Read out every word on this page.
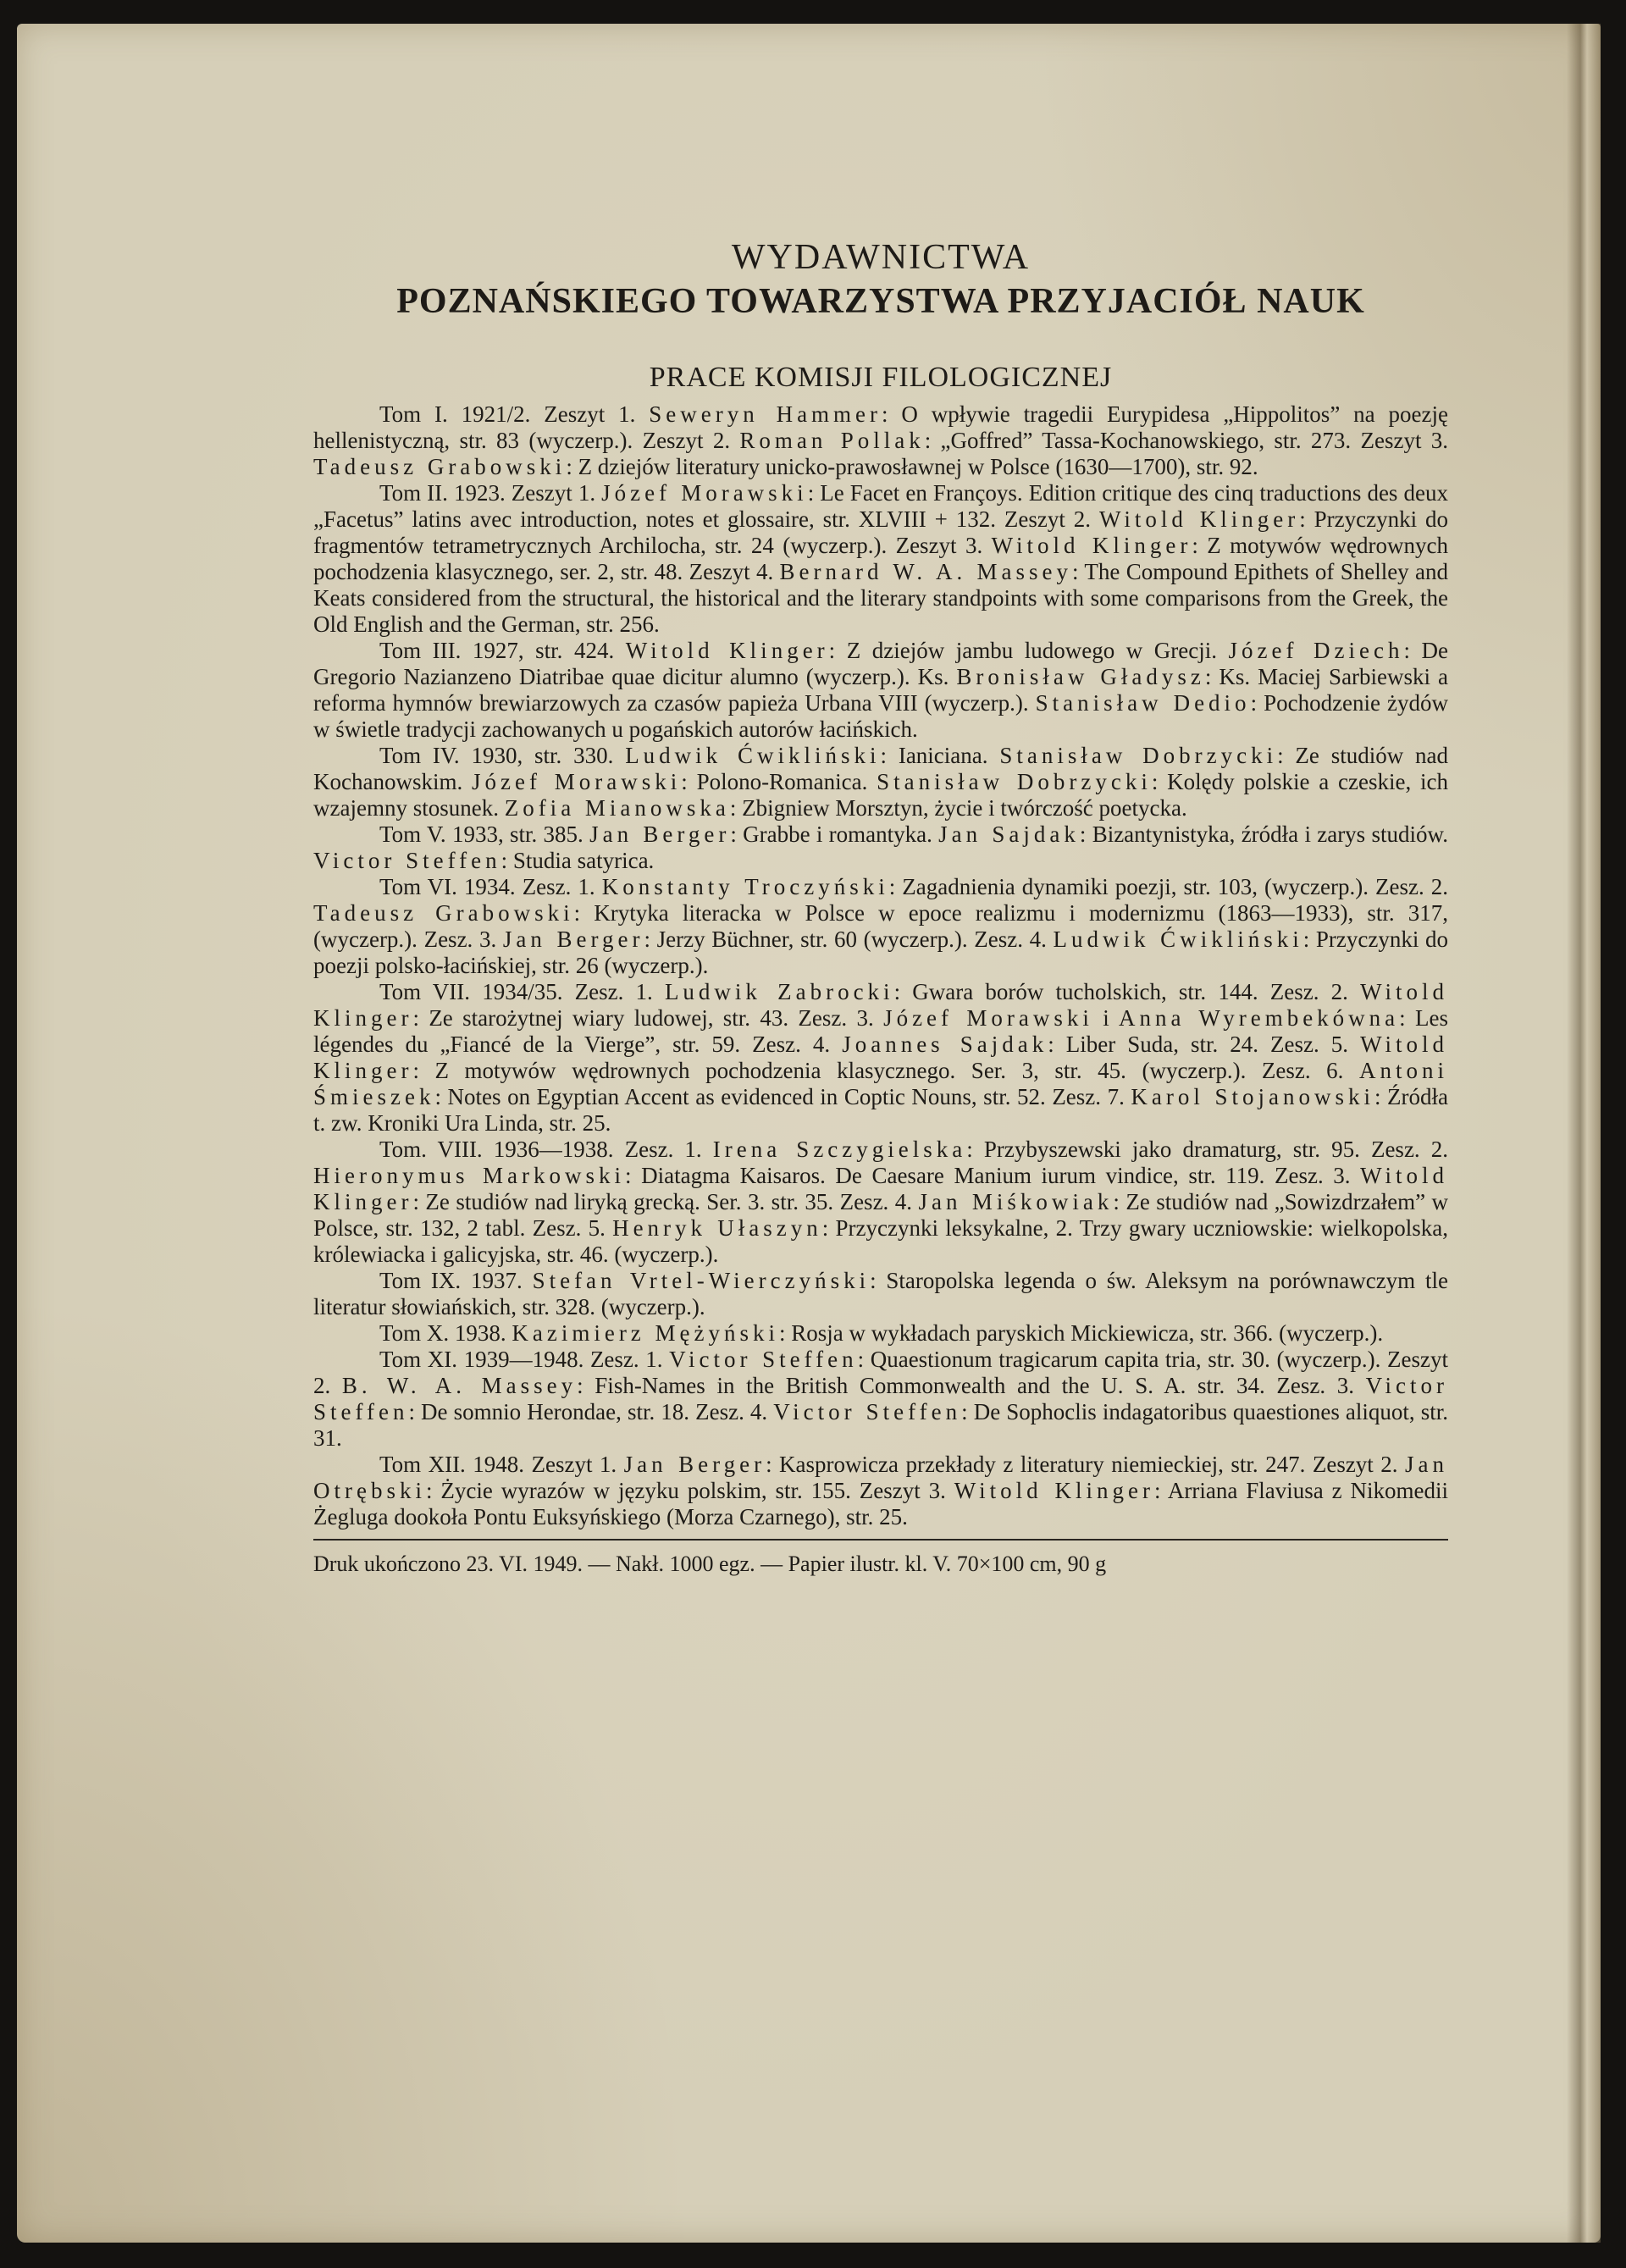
WYDAWNICTWA

POZNAŃSKIEGO TOWARZYSTWA PRZYJACIÓŁ NAUK

PRACE KOMISJI FILOLOGICZNEJ

Tom I. 1921/2. Zeszyt 1. Seweryn Hammer: O wpływie tragedii Eurypidesa „Hippolitos” na poezję hellenistyczną, str. 83 (wyczerp.). Zeszyt 2. Roman Pollak: „Goffred” Tassa-Kochanowskiego, str. 273. Zeszyt 3. Tadeusz Grabowski: Z dziejów literatury unicko-prawosławnej w Polsce (1630—1700), str. 92.

Tom II. 1923. Zeszyt 1. Józef Morawski: Le Facet en Françoys. Edition critique des cinq traductions des deux „Facetus” latins avec introduction, notes et glossaire, str. XLVIII + 132. Zeszyt 2. Witold Klinger: Przyczynki do fragmentów tetrametrycznych Archilocha, str. 24 (wyczerp.). Zeszyt 3. Witold Klinger: Z motywów wędrownych pochodzenia klasycznego, ser. 2, str. 48. Zeszyt 4. Bernard W. A. Massey: The Compound Epithets of Shelley and Keats considered from the structural, the historical and the literary standpoints with some comparisons from the Greek, the Old English and the German, str. 256.

Tom III. 1927, str. 424. Witold Klinger: Z dziejów jambu ludowego w Grecji. Józef Dziech: De Gregorio Nazianzeno Diatribae quae dicitur alumno (wyczerp.). Ks. Bronisław Gładysz: Ks. Maciej Sarbiewski a reforma hymnów brewiarzowych za czasów papieża Urbana VIII (wyczerp.). Stanisław Dedio: Pochodzenie żydów w świetle tradycji zachowanych u pogańskich autorów łacińskich.

Tom IV. 1930, str. 330. Ludwik Ćwikliński: Ianiciana. Stanisław Dobrzycki: Ze studiów nad Kochanowskim. Józef Morawski: Polono-Romanica. Stanisław Dobrzycki: Kolędy polskie a czeskie, ich wzajemny stosunek. Zofia Mianowska: Zbigniew Morsztyn, życie i twórczość poetycka.

Tom V. 1933, str. 385. Jan Berger: Grabbe i romantyka. Jan Sajdak: Bizantynistyka, źródła i zarys studiów. Victor Steffen: Studia satyrica.

Tom VI. 1934. Zesz. 1. Konstanty Troczyński: Zagadnienia dynamiki poezji, str. 103, (wyczerp.). Zesz. 2. Tadeusz Grabowski: Krytyka literacka w Polsce w epoce realizmu i modernizmu (1863—1933), str. 317, (wyczerp.). Zesz. 3. Jan Berger: Jerzy Büchner, str. 60 (wyczerp.). Zesz. 4. Ludwik Ćwikliński: Przyczynki do poezji polsko-łacińskiej, str. 26 (wyczerp.).

Tom VII. 1934/35. Zesz. 1. Ludwik Zabrocki: Gwara borów tucholskich, str. 144. Zesz. 2. Witold Klinger: Ze starożytnej wiary ludowej, str. 43. Zesz. 3. Józef Morawski i Anna Wyrembekówna: Les légendes du „Fiancé de la Vierge”, str. 59. Zesz. 4. Joannes Sajdak: Liber Suda, str. 24. Zesz. 5. Witold Klinger: Z motywów wędrownych pochodzenia klasycznego. Ser. 3, str. 45. (wyczerp.). Zesz. 6. Antoni Śmieszek: Notes on Egyptian Accent as evidenced in Coptic Nouns, str. 52. Zesz. 7. Karol Stojanowski: Źródła t. zw. Kroniki Ura Linda, str. 25.

Tom. VIII. 1936—1938. Zesz. 1. Irena Szczygielska: Przybyszewski jako dramaturg, str. 95. Zesz. 2. Hieronymus Markowski: Diatagma Kaisaros. De Caesare Manium iurum vindice, str. 119. Zesz. 3. Witold Klinger: Ze studiów nad liryką grecką. Ser. 3. str. 35. Zesz. 4. Jan Miśkowiak: Ze studiów nad „Sowizdrzałem” w Polsce, str. 132, 2 tabl. Zesz. 5. Henryk Ułaszyn: Przyczynki leksykalne, 2. Trzy gwary uczniowskie: wielkopolska, królewiacka i galicyjska, str. 46. (wyczerp.).

Tom IX. 1937. Stefan Vrtel-Wierczyński: Staropolska legenda o św. Aleksym na porównawczym tle literatur słowiańskich, str. 328. (wyczerp.).

Tom X. 1938. Kazimierz Mężyński: Rosja w wykładach paryskich Mickiewicza, str. 366. (wyczerp.).

Tom XI. 1939—1948. Zesz. 1. Victor Steffen: Quaestionum tragicarum capita tria, str. 30. (wyczerp.). Zeszyt 2. B. W. A. Massey: Fish-Names in the British Commonwealth and the U. S. A. str. 34. Zesz. 3. Victor Steffen: De somnio Herondae, str. 18. Zesz. 4. Victor Steffen: De Sophoclis indagatoribus quaestiones aliquot, str. 31.

Tom XII. 1948. Zeszyt 1. Jan Berger: Kasprowicza przekłady z literatury niemieckiej, str. 247. Zeszyt 2. Jan Otrębski: Życie wyrazów w języku polskim, str. 155. Zeszyt 3. Witold Klinger: Arriana Flaviusa z Nikomedii Żegluga dookoła Pontu Euksyńskiego (Morza Czarnego), str. 25.

Druk ukończono 23. VI. 1949. — Nakł. 1000 egz. — Papier ilustr. kl. V. 70×100 cm, 90 g
